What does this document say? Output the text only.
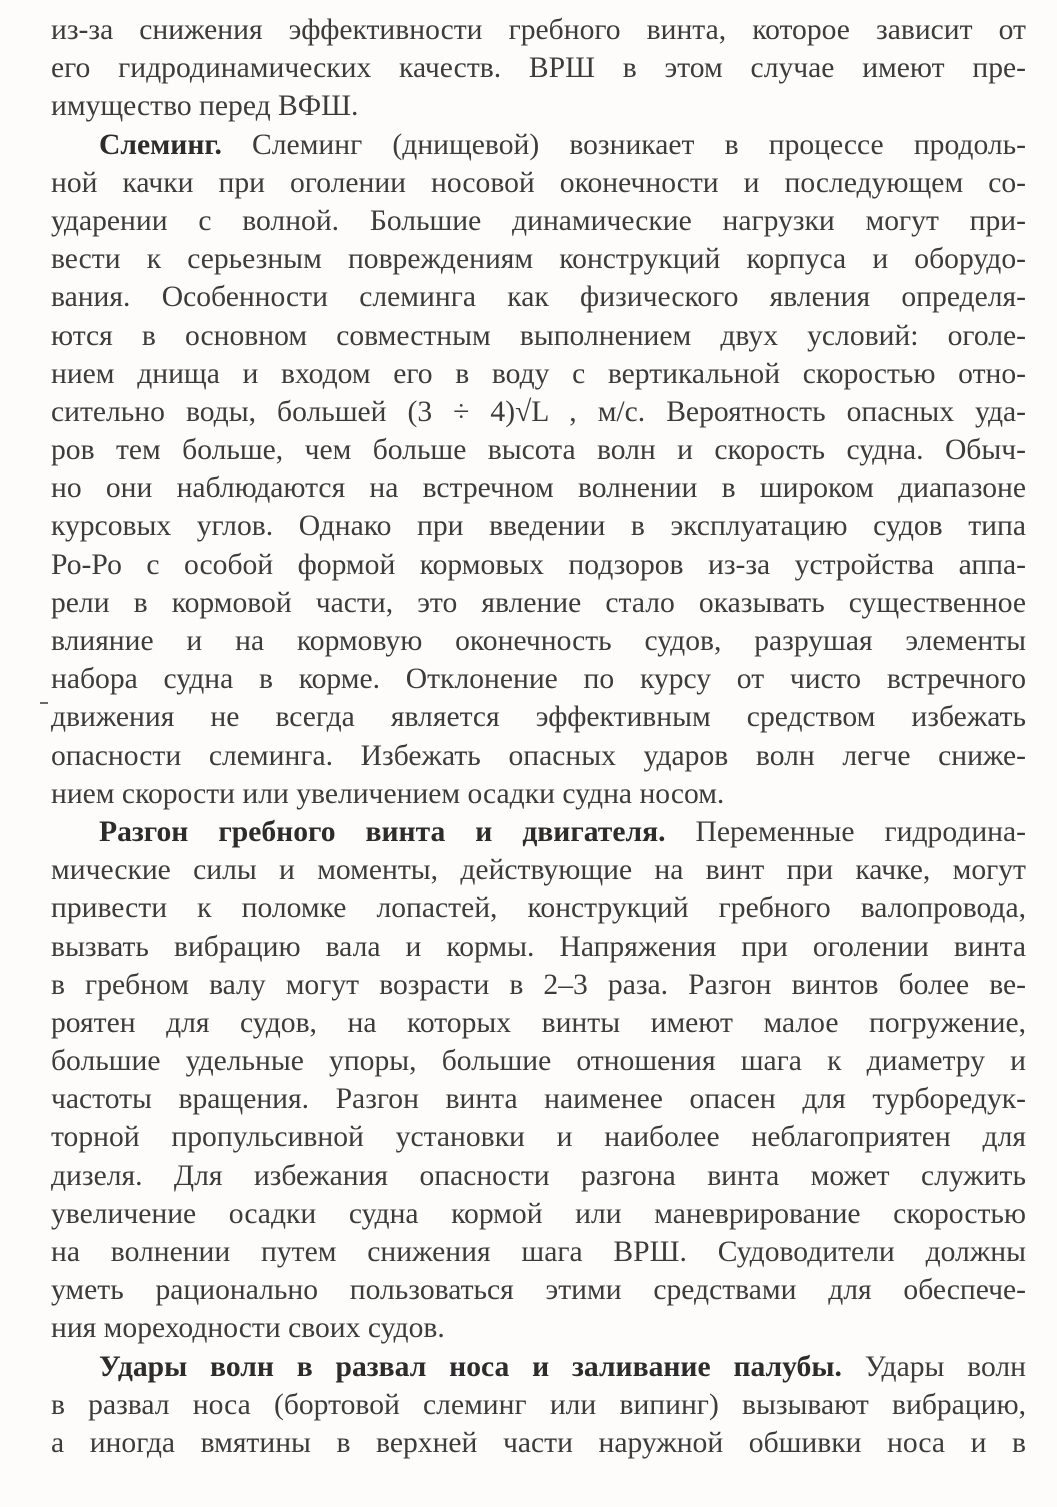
из-за снижения эффективности гребного винта, которое зависит от
его гидродинамических качеств. ВРШ в этом случае имеют пре-
имущество перед ВФШ.
Слеминг. Слеминг (днищевой) возникает в процессе продоль-
ной качки при оголении носовой оконечности и последующем со-
ударении с волной. Большие динамические нагрузки могут при-
вести к серьезным повреждениям конструкций корпуса и оборудо-
вания. Особенности слеминга как физического явления определя-
ются в основном совместным выполнением двух условий: оголе-
нием днища и входом его в воду с вертикальной скоростью отно-
сительно воды, большей (3 ÷ 4)√L , м/с. Вероятность опасных уда-
ров тем больше, чем больше высота волн и скорость судна. Обыч-
но они наблюдаются на встречном волнении в широком диапазоне
курсовых углов. Однако при введении в эксплуатацию судов типа
Ро-Ро с особой формой кормовых подзоров из-за устройства аппа-
рели в кормовой части, это явление стало оказывать существенное
влияние и на кормовую оконечность судов, разрушая элементы
набора судна в корме. Отклонение по курсу от чисто встречного
движения не всегда является эффективным средством избежать
опасности слеминга. Избежать опасных ударов волн легче сниже-
нием скорости или увеличением осадки судна носом.
Разгон гребного винта и двигателя. Переменные гидродина-
мические силы и моменты, действующие на винт при качке, могут
привести к поломке лопастей, конструкций гребного валопровода,
вызвать вибрацию вала и кормы. Напряжения при оголении винта
в гребном валу могут возрасти в 2–3 раза. Разгон винтов более ве-
роятен для судов, на которых винты имеют малое погружение,
большие удельные упоры, большие отношения шага к диаметру и
частоты вращения. Разгон винта наименее опасен для турборедук-
торной пропульсивной установки и наиболее неблагоприятен для
дизеля. Для избежания опасности разгона винта может служить
увеличение осадки судна кормой или маневрирование скоростью
на волнении путем снижения шага ВРШ. Судоводители должны
уметь рационально пользоваться этими средствами для обеспече-
ния мореходности своих судов.
Удары волн в развал носа и заливание палубы. Удары волн
в развал носа (бортовой слеминг или випинг) вызывают вибрацию,
а иногда вмятины в верхней части наружной обшивки носа и в
